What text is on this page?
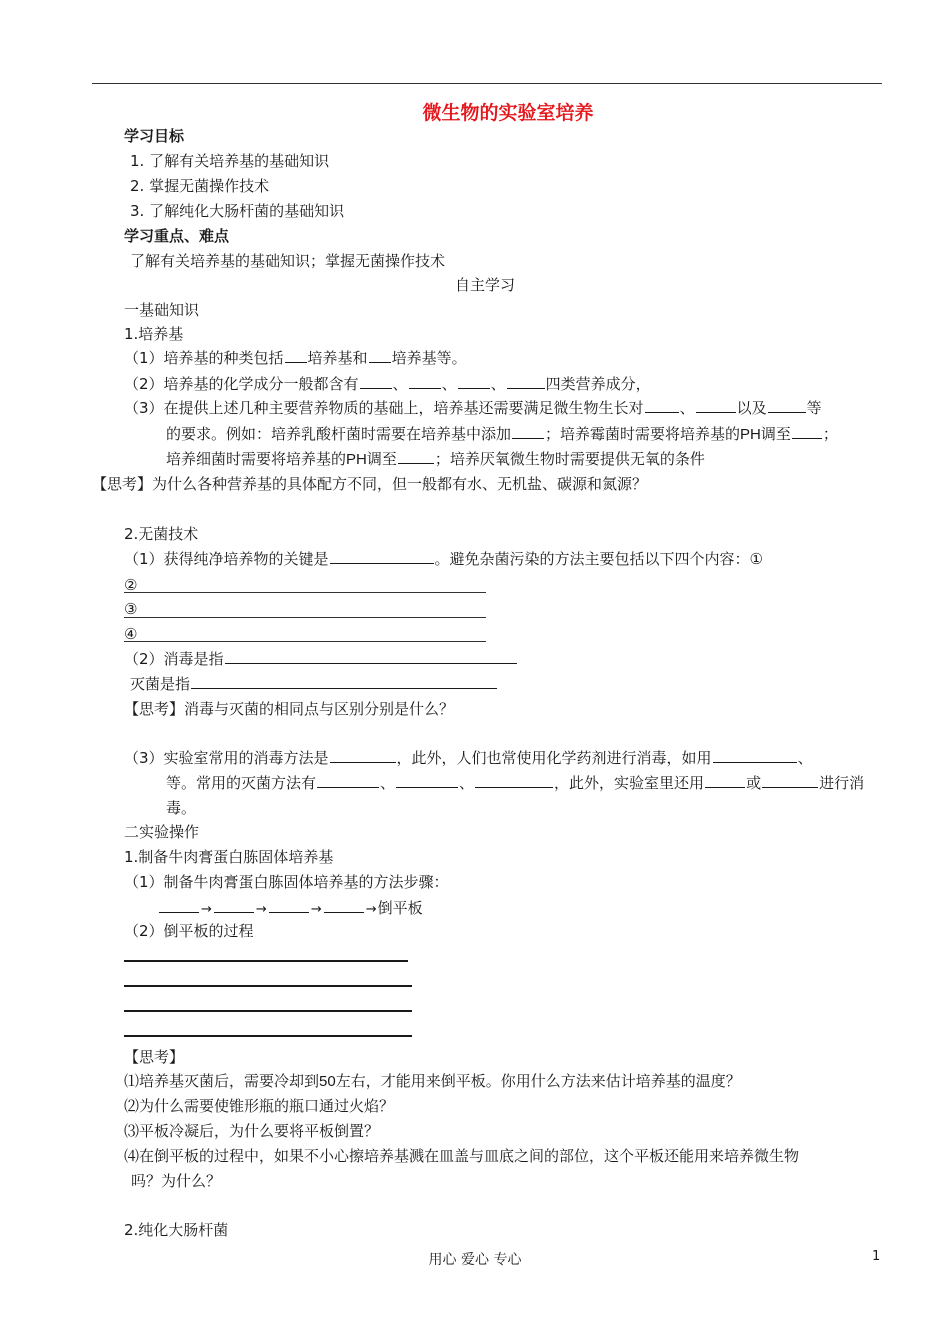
微生物的实验室培养
学习目标
1. 了解有关培养基的基础知识
2. 掌握无菌操作技术
3. 了解纯化大肠杆菌的基础知识
学习重点、难点
了解有关培养基的基础知识；掌握无菌操作技术
自主学习
一基础知识
1.培养基
（1）培养基的种类包括 培养基和 培养基等。
（2）培养基的化学成分一般都含有 、 、 、	四类营养成分，
（3）在提供上述几种主要营养物质的基础上，培养基还需要满足微生物生长对 、	以及	等
的要求。例如：培养乳酸杆菌时需要在培养基中添加 ；培养霉菌时需要将培养基的PH调至 ；
培养细菌时需要将培养基的PH调至	；培养厌氧微生物时需要提供无氧的条件
【思考】为什么各种营养基的具体配方不同，但一般都有水、无机盐、碳源和氮源？
2.无菌技术
（1）获得纯净培养物的关键是	。避免杂菌污染的方法主要包括以下四个内容：①
②
③
④
（2）消毒是指
灭菌是指
【思考】消毒与灭菌的相同点与区别分别是什么？
（3）实验室常用的消毒方法是	，此外，人们也常使用化学药剂进行消毒，如用	、
等。常用的灭菌方法有	、	、	，此外，实验室里还用	或	进行消
毒。
二实验操作
1.制备牛肉膏蛋白胨固体培养基
（1）制备牛肉膏蛋白胨固体培养基的方法步骤：
→	→	→	→倒平板
（2）倒平板的过程
【思考】
⑴培养基灭菌后，需要冷却到50左右，才能用来倒平板。你用什么方法来估计培养基的温度？
⑵为什么需要使锥形瓶的瓶口通过火焰？
⑶平板冷凝后，为什么要将平板倒置？
⑷在倒平板的过程中，如果不小心擦培养基溅在皿盖与皿底之间的部位，这个平板还能用来培养微生物
吗？为什么？
2.纯化大肠杆菌
用心 爱心 专心	1
